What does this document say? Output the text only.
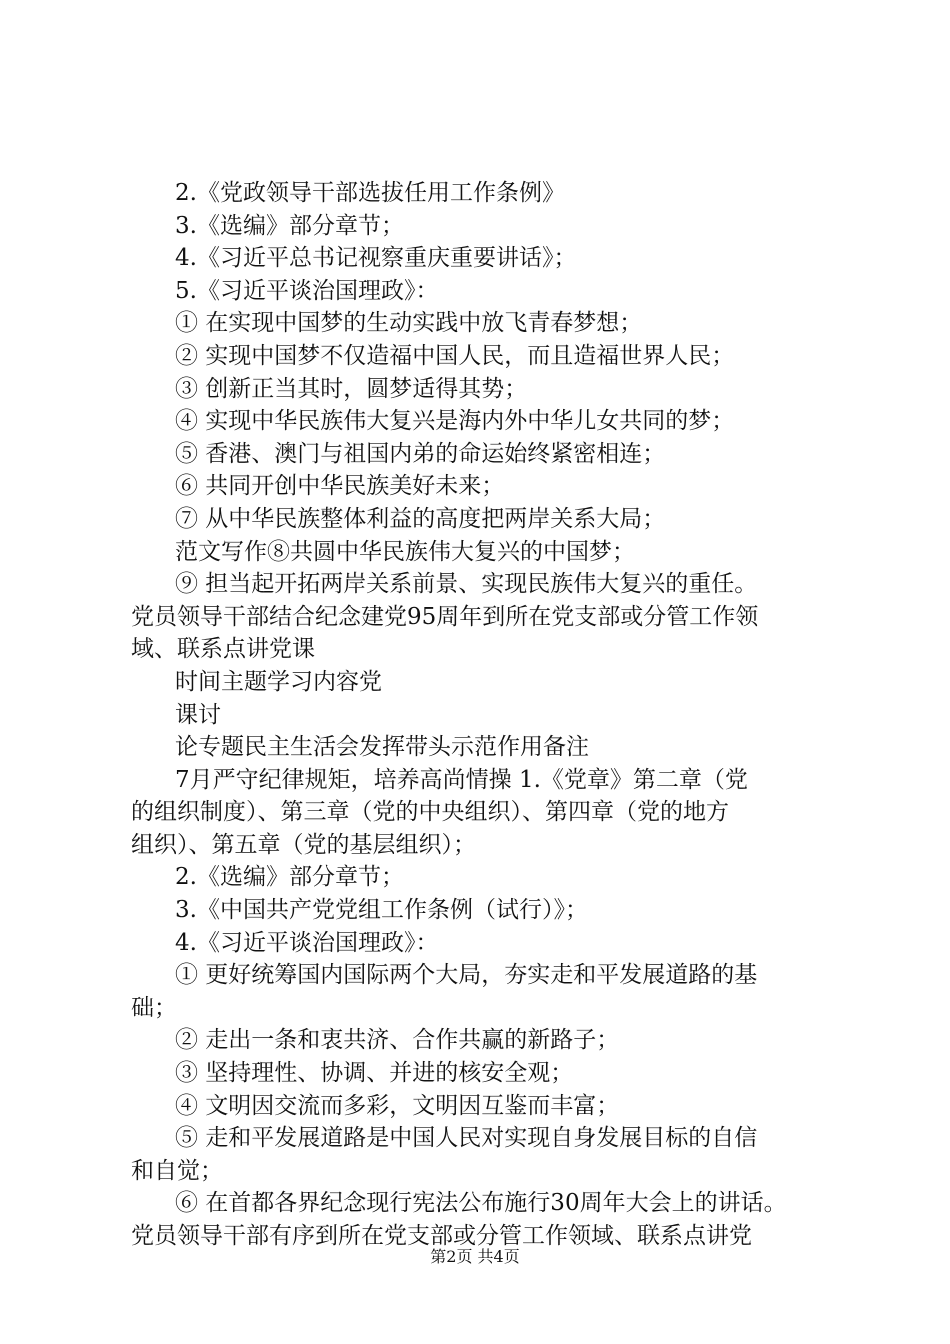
2.《党政领导干部选拔任用工作条例》
3.《选编》部分章节；
4.《习近平总书记视察重庆重要讲话》；
5.《习近平谈治国理政》：
① 在实现中国梦的生动实践中放飞青春梦想；
② 实现中国梦不仅造福中国人民，而且造福世界人民；
③ 创新正当其时，圆梦适得其势；
④ 实现中华民族伟大复兴是海内外中华儿女共同的梦；
⑤ 香港、澳门与祖国内弟的命运始终紧密相连；
⑥ 共同开创中华民族美好未来；
⑦ 从中华民族整体利益的高度把两岸关系大局；
范文写作⑧共圆中华民族伟大复兴的中国梦；
⑨ 担当起开拓两岸关系前景、实现民族伟大复兴的重任。
党员领导干部结合纪念建党95周年到所在党支部或分管工作领
域、联系点讲党课
时间主题学习内容党
课讨
论专题民主生活会发挥带头示范作用备注
7月严守纪律规矩，培养高尚情操 1.《党章》第二章（党
的组织制度）、第三章（党的中央组织）、第四章（党的地方
组织）、第五章（党的基层组织）；
2.《选编》部分章节；
3.《中国共产党党组工作条例（试行）》；
4.《习近平谈治国理政》：
① 更好统筹国内国际两个大局，夯实走和平发展道路的基
础；
② 走出一条和衷共济、合作共赢的新路子；
③ 坚持理性、协调、并进的核安全观；
④ 文明因交流而多彩，文明因互鉴而丰富；
⑤ 走和平发展道路是中国人民对实现自身发展目标的自信
和自觉；
⑥ 在首都各界纪念现行宪法公布施行30周年大会上的讲话。
党员领导干部有序到所在党支部或分管工作领域、联系点讲党
第2页 共4页
